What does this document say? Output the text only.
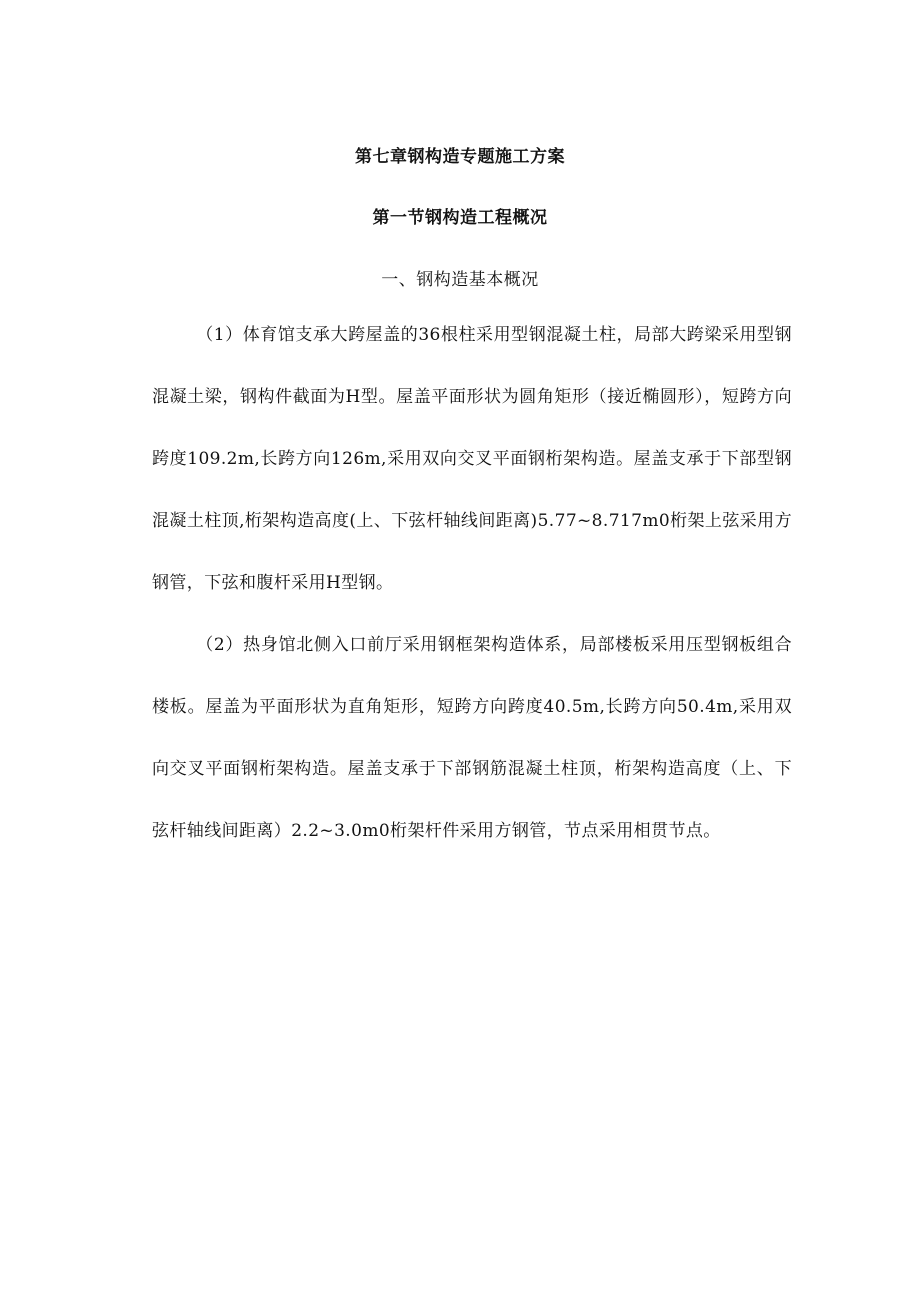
第七章钢构造专题施工方案
第一节钢构造工程概况
一、钢构造基本概况

（1）体育馆支承大跨屋盖的36根柱采用型钢混凝土柱，局部大跨梁采用型钢混凝土梁，钢构件截面为H型。屋盖平面形状为圆角矩形（接近椭圆形），短跨方向跨度109.2m,长跨方向126m,采用双向交叉平面钢桁架构造。屋盖支承于下部型钢混凝土柱顶,桁架构造高度(上、下弦杆轴线间距离)5.77~8.717m0桁架上弦采用方钢管，下弦和腹杆采用H型钢。

（2）热身馆北侧入口前厅采用钢框架构造体系，局部楼板采用压型钢板组合楼板。屋盖为平面形状为直角矩形，短跨方向跨度40.5m,长跨方向50.4m,采用双向交叉平面钢桁架构造。屋盖支承于下部钢筋混凝土柱顶，桁架构造高度（上、下弦杆轴线间距离）2.2~3.0m0桁架杆件采用方钢管，节点采用相贯节点。
